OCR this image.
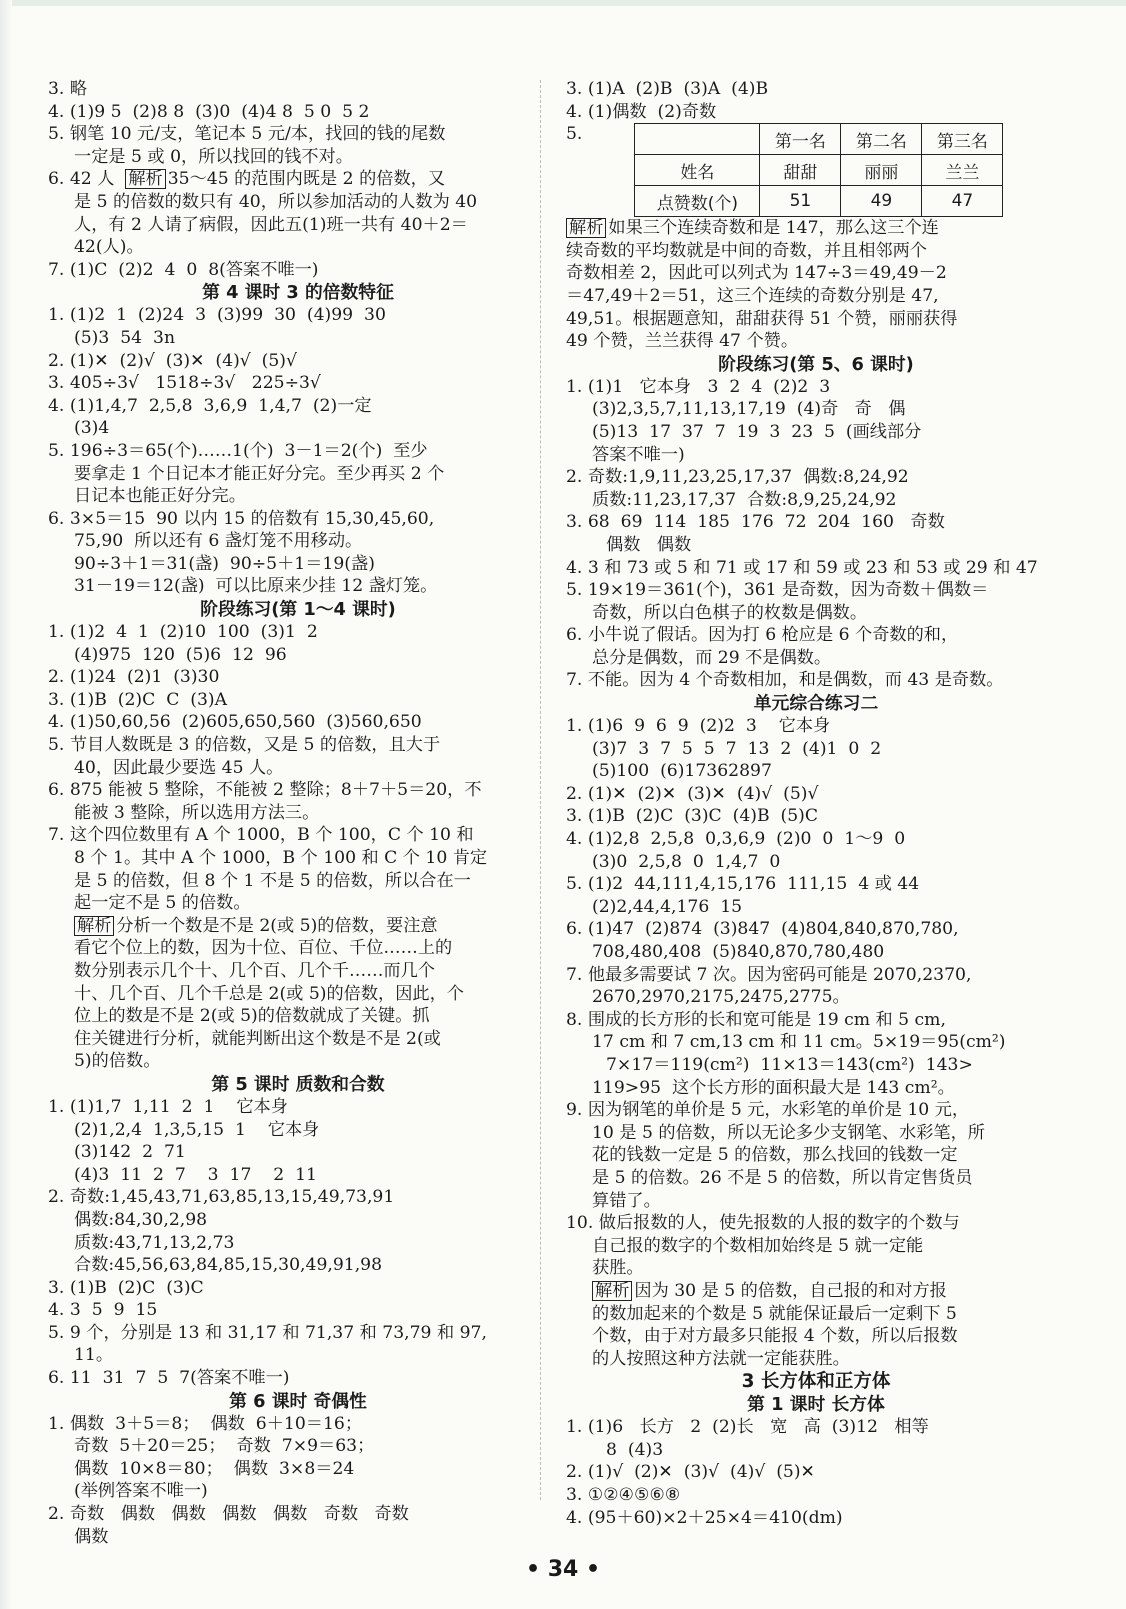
3. 略
4. (1)9 5  (2)8 8  (3)0  (4)4 8  5 0  5 2
5. 钢笔 10 元/支，笔记本 5 元/本，找回的钱的尾数
一定是 5 或 0，所以找回的钱不对。
6. 42 人  解析 35～45 的范围内既是 2 的倍数，又
是 5 的倍数的数只有 40，所以参加活动的人数为 40
人，有 2 人请了病假，因此五(1)班一共有 40＋2＝
42(人)。
7. (1)C  (2)2  4  0  8(答案不唯一)
第 4 课时 3 的倍数特征
1. (1)2  1  (2)24  3  (3)99  30  (4)99  30
(5)3  54  3n
2. (1)✕  (2)√  (3)✕  (4)√  (5)√
3. 405÷3√   1518÷3√   225÷3√
4. (1)1,4,7  2,5,8  3,6,9  1,4,7  (2)一定
(3)4
5. 196÷3＝65(个)……1(个)  3－1＝2(个)  至少
要拿走 1 个日记本才能正好分完。至少再买 2 个
日记本也能正好分完。
6. 3×5＝15  90 以内 15 的倍数有 15,30,45,60,
75,90  所以还有 6 盏灯笼不用移动。
90÷3＋1＝31(盏)  90÷5＋1＝19(盏)
31－19＝12(盏)  可以比原来少挂 12 盏灯笼。
阶段练习(第 1～4 课时)
1. (1)2  4  1  (2)10  100  (3)1  2
(4)975  120  (5)6  12  96
2. (1)24  (2)1  (3)30
3. (1)B  (2)C  C  (3)A
4. (1)50,60,56  (2)605,650,560  (3)560,650
5. 节目人数既是 3 的倍数，又是 5 的倍数，且大于
40，因此最少要选 45 人。
6. 875 能被 5 整除，不能被 2 整除；8＋7＋5＝20，不
能被 3 整除，所以选用方法三。
7. 这个四位数里有 A 个 1000，B 个 100，C 个 10 和
8 个 1。其中 A 个 1000，B 个 100 和 C 个 10 肯定
是 5 的倍数，但 8 个 1 不是 5 的倍数，所以合在一
起一定不是 5 的倍数。
解析 分析一个数是不是 2(或 5)的倍数，要注意
看它个位上的数，因为十位、百位、千位……上的
数分别表示几个十、几个百、几个千……而几个
十、几个百、几个千总是 2(或 5)的倍数，因此，个
位上的数是不是 2(或 5)的倍数就成了关键。抓
住关键进行分析，就能判断出这个数是不是 2(或
5)的倍数。
第 5 课时 质数和合数
1. (1)1,7  1,11  2  1    它本身
(2)1,2,4  1,3,5,15  1    它本身
(3)142  2  71
(4)3  11  2  7    3  17    2  11
2. 奇数:1,45,43,71,63,85,13,15,49,73,91
偶数:84,30,2,98
质数:43,71,13,2,73
合数:45,56,63,84,85,15,30,49,91,98
3. (1)B  (2)C  (3)C
4. 3  5  9  15
5. 9 个，分别是 13 和 31,17 和 71,37 和 73,79 和 97,
11。
6. 11  31  7  5  7(答案不唯一)
第 6 课时 奇偶性
1. 偶数  3＋5＝8；  偶数  6＋10＝16；
奇数  5＋20＝25；  奇数  7×9＝63；
偶数  10×8＝80；  偶数  3×8＝24
(举例答案不唯一)
2. 奇数   偶数   偶数   偶数   偶数   奇数   奇数
偶数
3. (1)A  (2)B  (3)A  (4)B
4. (1)偶数  (2)奇数
5.
		第一名	第二名	第三名
姓名	甜甜	丽丽	兰兰
点赞数(个)	51	49	47
解析 如果三个连续奇数和是 147，那么这三个连
续奇数的平均数就是中间的奇数，并且相邻两个
奇数相差 2，因此可以列式为 147÷3＝49,49－2
＝47,49＋2＝51，这三个连续的奇数分别是 47,
49,51。根据题意知，甜甜获得 51 个赞，丽丽获得
49 个赞，兰兰获得 47 个赞。
阶段练习(第 5、6 课时)
1. (1)1   它本身   3  2  4  (2)2  3
(3)2,3,5,7,11,13,17,19  (4)奇   奇   偶
(5)13  17  37  7  19  3  23  5  (画线部分
答案不唯一)
2. 奇数:1,9,11,23,25,17,37  偶数:8,24,92
质数:11,23,17,37  合数:8,9,25,24,92
3. 68  69  114  185  176  72  204  160   奇数
偶数   偶数
4. 3 和 73 或 5 和 71 或 17 和 59 或 23 和 53 或 29 和 47
5. 19×19＝361(个)，361 是奇数，因为奇数＋偶数＝
奇数，所以白色棋子的枚数是偶数。
6. 小牛说了假话。因为打 6 枪应是 6 个奇数的和，
总分是偶数，而 29 不是偶数。
7. 不能。因为 4 个奇数相加，和是偶数，而 43 是奇数。
单元综合练习二
1. (1)6  9  6  9  (2)2  3    它本身
(3)7  3  7  5  5  7  13  2  (4)1  0  2
(5)100  (6)17362897
2. (1)✕  (2)✕  (3)✕  (4)√  (5)√
3. (1)B  (2)C  (3)C  (4)B  (5)C
4. (1)2,8  2,5,8  0,3,6,9  (2)0  0  1～9  0
(3)0  2,5,8  0  1,4,7  0
5. (1)2  44,111,4,15,176  111,15  4 或 44
(2)2,44,4,176  15
6. (1)47  (2)874  (3)847  (4)804,840,870,780,
708,480,408  (5)840,870,780,480
7. 他最多需要试 7 次。因为密码可能是 2070,2370,
2670,2970,2175,2475,2775。
8. 围成的长方形的长和宽可能是 19 cm 和 5 cm,
17 cm 和 7 cm,13 cm 和 11 cm。5×19＝95(cm²)
7×17＝119(cm²)  11×13＝143(cm²)  143>
119>95  这个长方形的面积最大是 143 cm²。
9. 因为钢笔的单价是 5 元，水彩笔的单价是 10 元，
10 是 5 的倍数，所以无论多少支钢笔、水彩笔，所
花的钱数一定是 5 的倍数，那么找回的钱数一定
是 5 的倍数。26 不是 5 的倍数，所以肯定售货员
算错了。
10. 做后报数的人，使先报数的人报的数字的个数与
自己报的数字的个数相加始终是 5 就一定能
获胜。
解析 因为 30 是 5 的倍数，自己报的和对方报
的数加起来的个数是 5 就能保证最后一定剩下 5
个数，由于对方最多只能报 4 个数，所以后报数
的人按照这种方法就一定能获胜。
3 长方体和正方体
第 1 课时 长方体
1. (1)6   长方   2  (2)长   宽   高  (3)12   相等
8  (4)3
2. (1)√  (2)✕  (3)√  (4)√  (5)✕
3. ①②④⑤⑥⑧
4. (95＋60)×2＋25×4＝410(dm)
• 34 •
